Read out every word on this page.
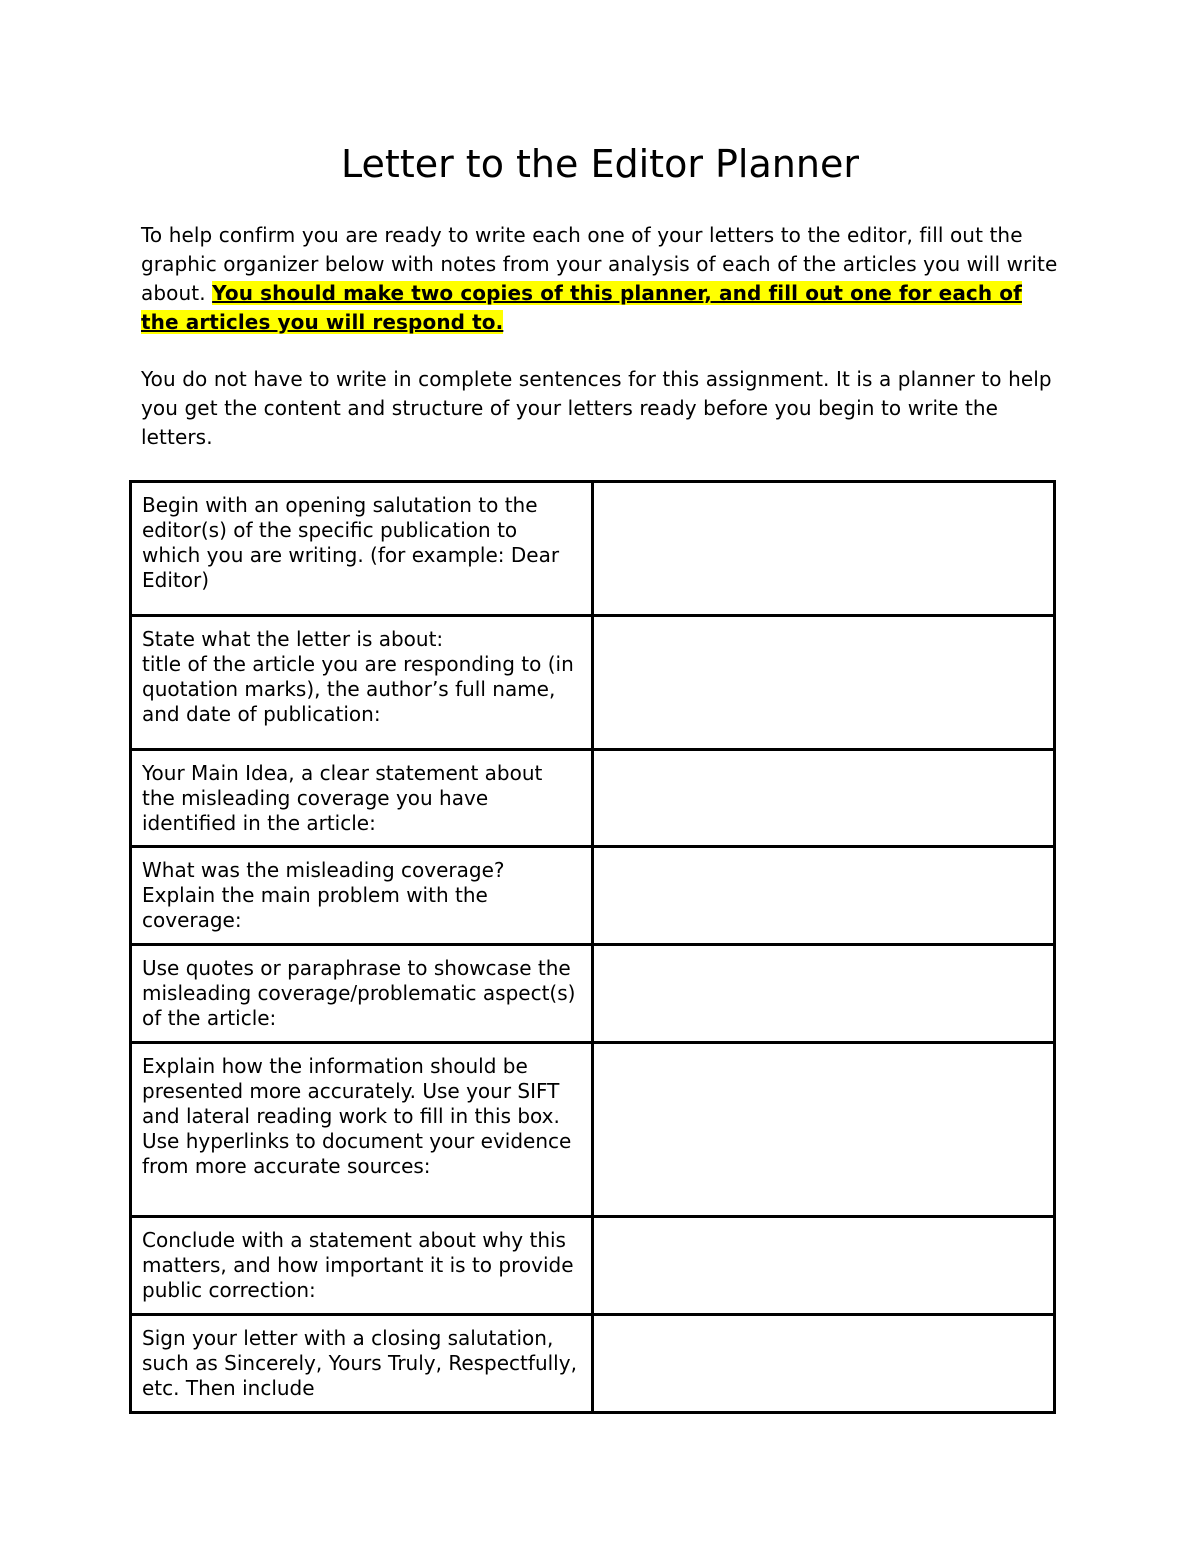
Letter to the Editor Planner

To help confirm you are ready to write each one of your letters to the editor, fill out the graphic organizer below with notes from your analysis of each of the articles you will write about. You should make two copies of this planner, and fill out one for each of the articles you will respond to.

You do not have to write in complete sentences for this assignment. It is a planner to help you get the content and structure of your letters ready before you begin to write the letters.

Begin with an opening salutation to the editor(s) of the specific publication to which you are writing. (for example: Dear Editor)	

State what the letter is about:
title of the article you are responding to (in quotation marks), the author’s full name, and date of publication:	

Your Main Idea, a clear statement about the misleading coverage you have identified in the article:	
What was the misleading coverage? Explain the main problem with the coverage:	
Use quotes or paraphrase to showcase the misleading coverage/problematic aspect(s) of the article:	
Explain how the information should be presented more accurately. Use your SIFT and lateral reading work to fill in this box. Use hyperlinks to document your evidence from more accurate sources:	
Conclude with a statement about why this matters, and how important it is to provide public correction:	
Sign your letter with a closing salutation, such as Sincerely, Yours Truly, Respectfully, etc. Then include	
